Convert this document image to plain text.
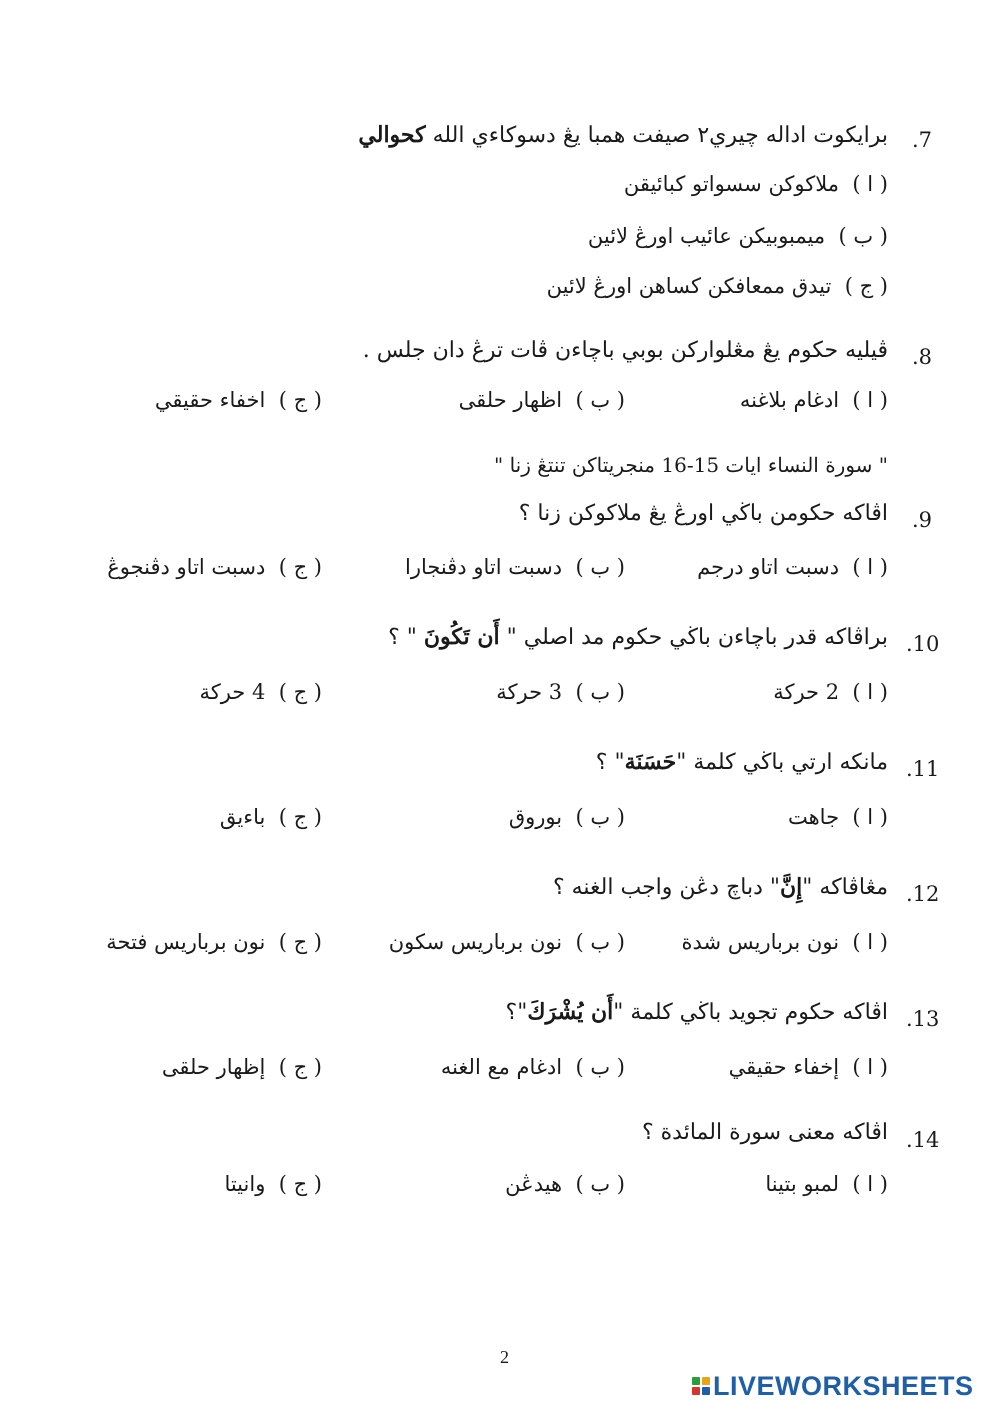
.7
برايكوت اداله چيري٢ صيفت همبا يڠ دسوكاءي الله كحوالي
( ا )  ملاكوكن سسواتو كبائيقن
( ب )  ميمبوبيكن عائيب اورڠ لائين
( ج )  تيدق ممعافكن كساهن اورڠ لائين
.8
ڤيليه حكوم يڠ مڠلواركن بوبي باچاءن ڤات ترڠ دان جلس .
( ا )  ادغام بلاغنه
( ب )  اظهار حلقى
( ج )  اخفاء حقيقي
" سورة النساء ايات 15-16 منجريتاكن تنتڠ زنا "
.9
اڤاكه حكومن باڬي اورڠ يڠ ملاكوكن زنا ؟
( ا )  دسبت اتاو درجم
( ب )  دسبت اتاو دڤنجارا
( ج )  دسبت اتاو دڤنجوڠ
.10
براڤاكه قدر باچاءن باڬي حكوم مد اصلي " أَن تَكُونَ " ؟
( ا )  2 حركة
( ب )  3 حركة
( ج )  4 حركة
.11
مانكه ارتي باڬي كلمة "حَسَنَة" ؟
( ا )  جاهت
( ب )  بوروق
( ج )  باءيق
.12
مڠاڤاكه "إِنَّ" دباچ دڠن واجب الغنه ؟
( ا )  نون برباريس شدة
( ب )  نون برباريس سكون
( ج )  نون برباريس فتحة
.13
اڤاكه حكوم تجويد باڬي كلمة "أَن يُشْرَكَ"؟
( ا )  إخفاء حقيقي
( ب )  ادغام مع الغنه
( ج )  إظهار حلقى
.14
اڤاكه معنى سورة المائدة ؟
( ا )  لمبو بتينا
( ب )  هيدڠن
( ج )  وانيتا
2
LIVEWORKSHEETS
